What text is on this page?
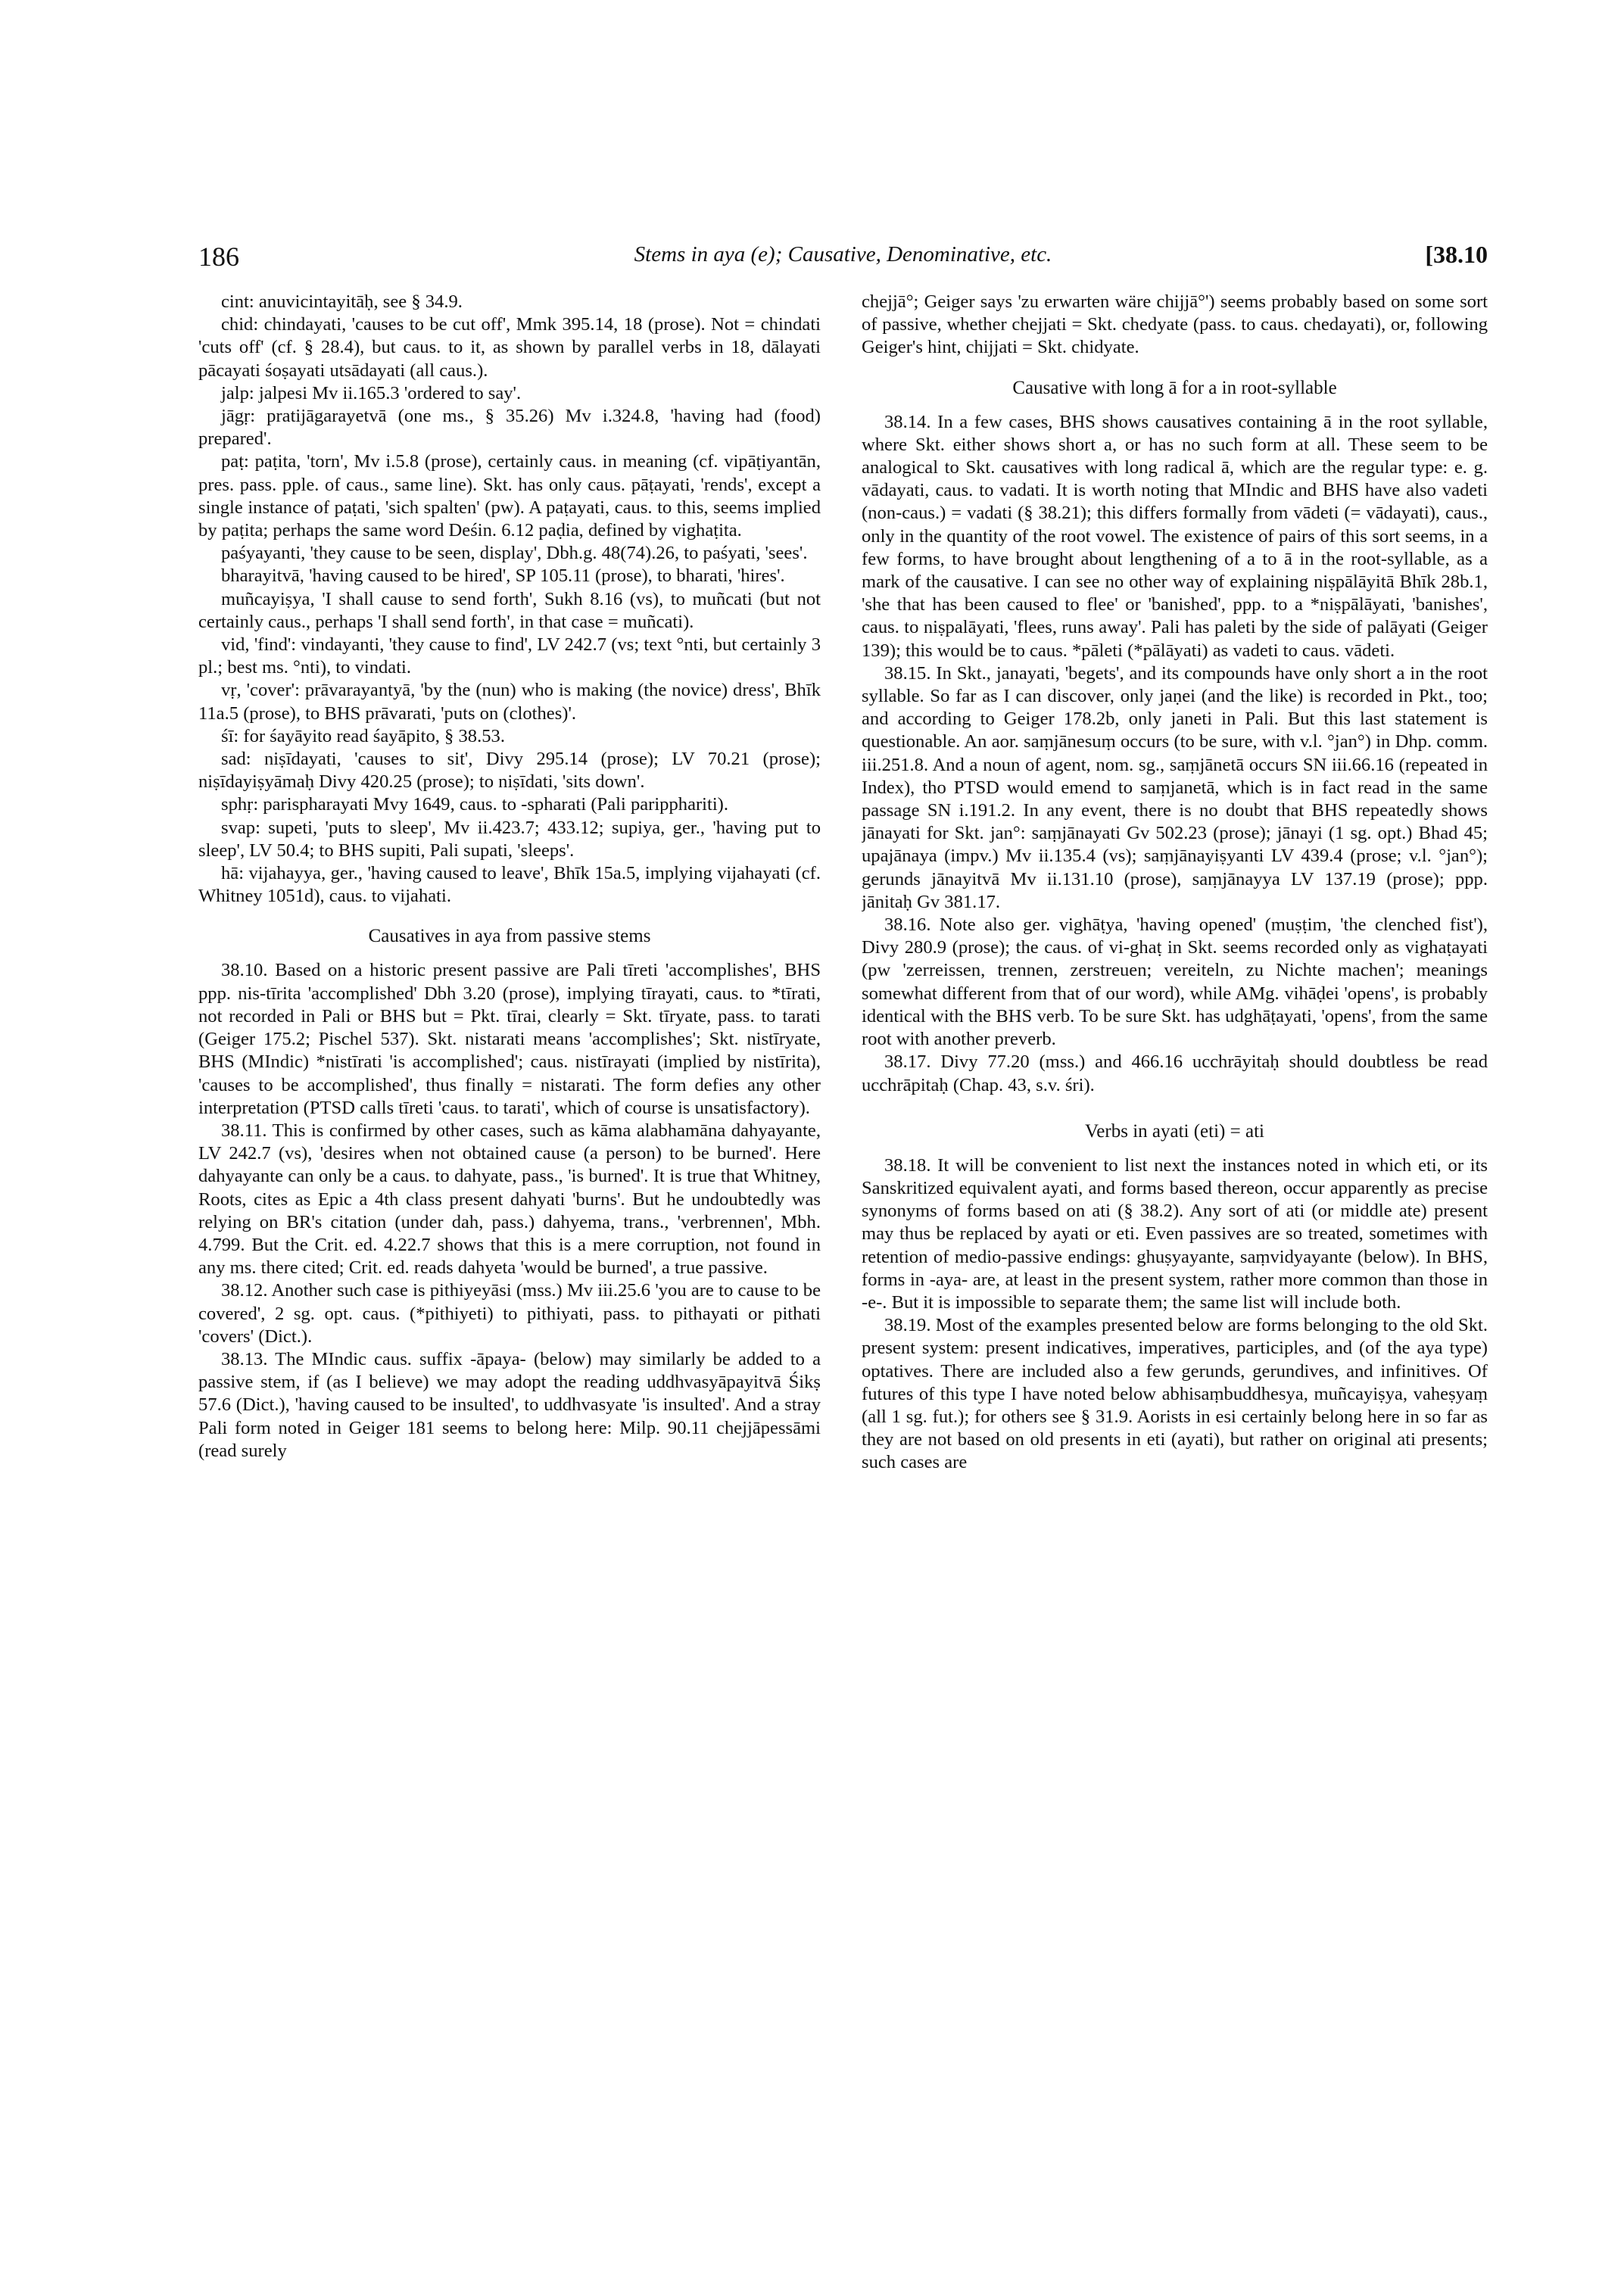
186	Stems in aya (e); Causative, Denominative, etc.	[38.10

cint: anuvicintayitāḥ, see § 34.9.

chid: chindayati, 'causes to be cut off', Mmk 395.14, 18 (prose). Not = chindati 'cuts off' (cf. § 28.4), but caus. to it, as shown by parallel verbs in 18, dālayati pācayati śoṣayati utsādayati (all caus.).

jalp: jalpesi Mv ii.165.3 'ordered to say'.

jāgṛ: pratijāgarayetvā (one ms., § 35.26) Mv i.324.8, 'having had (food) prepared'.

paṭ: paṭita, 'torn', Mv i.5.8 (prose), certainly caus. in meaning (cf. vipāṭiyantān, pres. pass. pple. of caus., same line). Skt. has only caus. pāṭayati, 'rends', except a single instance of paṭati, 'sich spalten' (pw). A paṭayati, caus. to this, seems implied by paṭita; perhaps the same word Deśin. 6.12 paḍia, defined by vighaṭita.

paśyayanti, 'they cause to be seen, display', Dbh.g. 48(74).26, to paśyati, 'sees'.

bharayitvā, 'having caused to be hired', SP 105.11 (prose), to bharati, 'hires'.

muñcayiṣya, 'I shall cause to send forth', Sukh 8.16 (vs), to muñcati (but not certainly caus., perhaps 'I shall send forth', in that case = muñcati).

vid, 'find': vindayanti, 'they cause to find', LV 242.7 (vs; text °nti, but certainly 3 pl.; best ms. °nti), to vindati.

vṛ, 'cover': prāvarayantyā, 'by the (nun) who is making (the novice) dress', Bhīk 11a.5 (prose), to BHS prāvarati, 'puts on (clothes)'.

śī: for śayāyito read śayāpito, § 38.53.

sad: niṣīdayati, 'causes to sit', Divy 295.14 (prose); LV 70.21 (prose); niṣīdayiṣyāmaḥ Divy 420.25 (prose); to niṣīdati, 'sits down'.

sphṛ: parispharayati Mvy 1649, caus. to -spharati (Pali paripphariti).

svap: supeti, 'puts to sleep', Mv ii.423.7; 433.12; supiya, ger., 'having put to sleep', LV 50.4; to BHS supiti, Pali supati, 'sleeps'.

hā: vijahayya, ger., 'having caused to leave', Bhīk 15a.5, implying vijahayati (cf. Whitney 1051d), caus. to vijahati.

Causatives in aya from passive stems

38.10. Based on a historic present passive are Pali tīreti 'accomplishes', BHS ppp. nis-tīrita 'accomplished' Dbh 3.20 (prose), implying tīrayati, caus. to *tīrati, not recorded in Pali or BHS but = Pkt. tīrai, clearly = Skt. tīryate, pass. to tarati (Geiger 175.2; Pischel 537). Skt. nistarati means 'accomplishes'; Skt. nistīryate, BHS (MIndic) *nistīrati 'is accomplished'; caus. nistīrayati (implied by nistīrita), 'causes to be accomplished', thus finally = nistarati. The form defies any other interpretation (PTSD calls tīreti 'caus. to tarati', which of course is unsatisfactory).

38.11. This is confirmed by other cases, such as kāma alabhamāna dahyayante, LV 242.7 (vs), 'desires when not obtained cause (a person) to be burned'. Here dahyayante can only be a caus. to dahyate, pass., 'is burned'. It is true that Whitney, Roots, cites as Epic a 4th class present dahyati 'burns'. But he undoubtedly was relying on BR's citation (under dah, pass.) dahyema, trans., 'verbrennen', Mbh. 4.799. But the Crit. ed. 4.22.7 shows that this is a mere corruption, not found in any ms. there cited; Crit. ed. reads dahyeta 'would be burned', a true passive.

38.12. Another such case is pithiyeyāsi (mss.) Mv iii.25.6 'you are to cause to be covered', 2 sg. opt. caus. (*pithiyeti) to pithiyati, pass. to pithayati or pithati 'covers' (Dict.).

38.13. The MIndic caus. suffix -āpaya- (below) may similarly be added to a passive stem, if (as I believe) we may adopt the reading uddhvasyāpayitvā Śikṣ 57.6 (Dict.), 'having caused to be insulted', to uddhvasyate 'is insulted'. And a stray Pali form noted in Geiger 181 seems to belong here: Milp. 90.11 chejjāpessāmi (read surely

chejjā°; Geiger says 'zu erwarten wäre chijjā°') seems probably based on some sort of passive, whether chejjati = Skt. chedyate (pass. to caus. chedayati), or, following Geiger's hint, chijjati = Skt. chidyate.

Causative with long ā for a in root-syllable

38.14. In a few cases, BHS shows causatives containing ā in the root syllable, where Skt. either shows short a, or has no such form at all. These seem to be analogical to Skt. causatives with long radical ā, which are the regular type: e. g. vādayati, caus. to vadati. It is worth noting that MIndic and BHS have also vadeti (non-caus.) = vadati (§ 38.21); this differs formally from vādeti (= vādayati), caus., only in the quantity of the root vowel. The existence of pairs of this sort seems, in a few forms, to have brought about lengthening of a to ā in the root-syllable, as a mark of the causative. I can see no other way of explaining niṣpālāyitā Bhīk 28b.1, 'she that has been caused to flee' or 'banished', ppp. to a *niṣpālāyati, 'banishes', caus. to niṣpalāyati, 'flees, runs away'. Pali has paleti by the side of palāyati (Geiger 139); this would be to caus. *pāleti (*pālāyati) as vadeti to caus. vādeti.

38.15. In Skt., janayati, 'begets', and its compounds have only short a in the root syllable. So far as I can discover, only jaṇei (and the like) is recorded in Pkt., too; and according to Geiger 178.2b, only janeti in Pali. But this last statement is questionable. An aor. saṃjānesuṃ occurs (to be sure, with v.l. °jan°) in Dhp. comm. iii.251.8. And a noun of agent, nom. sg., saṃjānetā occurs SN iii.66.16 (repeated in Index), tho PTSD would emend to saṃjanetā, which is in fact read in the same passage SN i.191.2. In any event, there is no doubt that BHS repeatedly shows jānayati for Skt. jan°: saṃjānayati Gv 502.23 (prose); jānayi (1 sg. opt.) Bhad 45; upajānaya (impv.) Mv ii.135.4 (vs); saṃjānayiṣyanti LV 439.4 (prose; v.l. °jan°); gerunds jānayitvā Mv ii.131.10 (prose), saṃjānayya LV 137.19 (prose); ppp. jānitaḥ Gv 381.17.

38.16. Note also ger. vighāṭya, 'having opened' (muṣṭim, 'the clenched fist'), Divy 280.9 (prose); the caus. of vi-ghaṭ in Skt. seems recorded only as vighaṭayati (pw 'zerreissen, trennen, zerstreuen; vereiteln, zu Nichte machen'; meanings somewhat different from that of our word), while AMg. vihāḍei 'opens', is probably identical with the BHS verb. To be sure Skt. has udghāṭayati, 'opens', from the same root with another preverb.

38.17. Divy 77.20 (mss.) and 466.16 ucchrāyitaḥ should doubtless be read ucchrāpitaḥ (Chap. 43, s.v. śri).

Verbs in ayati (eti) = ati

38.18. It will be convenient to list next the instances noted in which eti, or its Sanskritized equivalent ayati, and forms based thereon, occur apparently as precise synonyms of forms based on ati (§ 38.2). Any sort of ati (or middle ate) present may thus be replaced by ayati or eti. Even passives are so treated, sometimes with retention of medio-passive endings: ghuṣyayante, saṃvidyayante (below). In BHS, forms in -aya- are, at least in the present system, rather more common than those in -e-. But it is impossible to separate them; the same list will include both.

38.19. Most of the examples presented below are forms belonging to the old Skt. present system: present indicatives, imperatives, participles, and (of the aya type) optatives. There are included also a few gerunds, gerundives, and infinitives. Of futures of this type I have noted below abhisaṃbuddhesya, muñcayiṣya, vaheṣyaṃ (all 1 sg. fut.); for others see § 31.9. Aorists in esi certainly belong here in so far as they are not based on old presents in eti (ayati), but rather on original ati presents; such cases are
